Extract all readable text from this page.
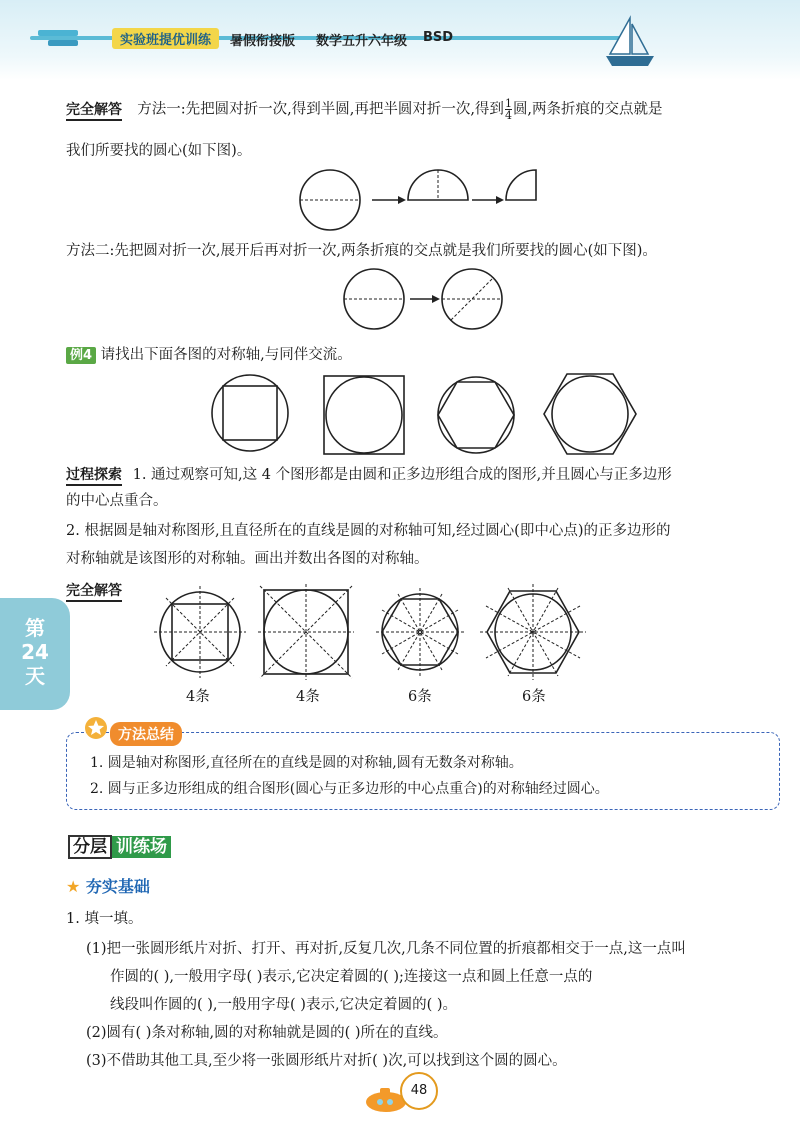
实验班提优训练	暑假衔接版 数学五升六年级 BSD
完全解答 方法一:先把圆对折一次,得到半圆,再把半圆对折一次,得到 $\frac{1}{4}$ 圆,两条折痕的交点就是
我们所要找的圆心(如下图)。
方法二:先把圆对折一次,展开后再对折一次,两条折痕的交点就是我们所要找的圆心(如下图)。
例4 请找出下面各图的对称轴,与同伴交流。
过程探索 1. 通过观察可知,这 4 个图形都是由圆和正多边形组合成的图形,并且圆心与正多边形
的中心点重合。
2. 根据圆是轴对称图形,且直径所在的直线是圆的对称轴可知,经过圆心(即中心点)的正多边形的
对称轴就是该图形的对称轴。画出并数出各图的对称轴。
完全解答
4条	4条	6条	6条
第
24
天
方法总结
1. 圆是轴对称图形,直径所在的直线是圆的对称轴,圆有无数条对称轴。
2. 圆与正多边形组成的组合图形(圆心与正多边形的中心点重合)的对称轴经过圆心。
分层 训练场
★ 夯实基础
1. 填一填。
(1)把一张圆形纸片对折、打开、再对折,反复几次,几条不同位置的折痕都相交于一点,这一点叫
作圆的( ),一般用字母( )表示,它决定着圆的( );连接这一点和圆上任意一点的
线段叫作圆的( ),一般用字母( )表示,它决定着圆的( )。
(2)圆有( )条对称轴,圆的对称轴就是圆的( )所在的直线。
(3)不借助其他工具,至少将一张圆形纸片对折( )次,可以找到这个圆的圆心。
48
